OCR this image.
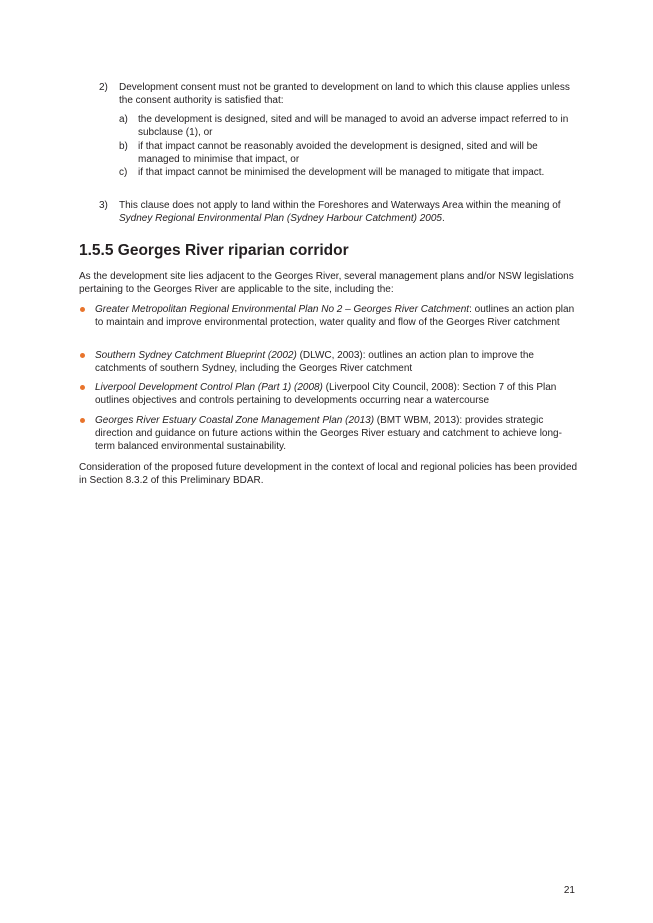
2) Development consent must not be granted to development on land to which this clause applies unless the consent authority is satisfied that:

a) the development is designed, sited and will be managed to avoid an adverse impact referred to in subclause (1), or

b) if that impact cannot be reasonably avoided the development is designed, sited and will be managed to minimise that impact, or

c) if that impact cannot be minimised the development will be managed to mitigate that impact.

3) This clause does not apply to land within the Foreshores and Waterways Area within the meaning of Sydney Regional Environmental Plan (Sydney Harbour Catchment) 2005.

1.5.5 Georges River riparian corridor

As the development site lies adjacent to the Georges River, several management plans and/or NSW legislations pertaining to the Georges River are applicable to the site, including the:

Greater Metropolitan Regional Environmental Plan No 2 – Georges River Catchment: outlines an action plan to maintain and improve environmental protection, water quality and flow of the Georges River catchment

Southern Sydney Catchment Blueprint (2002) (DLWC, 2003): outlines an action plan to improve the catchments of southern Sydney, including the Georges River catchment

Liverpool Development Control Plan (Part 1) (2008) (Liverpool City Council, 2008): Section 7 of this Plan outlines objectives and controls pertaining to developments occurring near a watercourse

Georges River Estuary Coastal Zone Management Plan (2013) (BMT WBM, 2013): provides strategic direction and guidance on future actions within the Georges River estuary and catchment to achieve long-term balanced environmental sustainability.

Consideration of the proposed future development in the context of local and regional policies has been provided in Section 8.3.2 of this Preliminary BDAR.

21
